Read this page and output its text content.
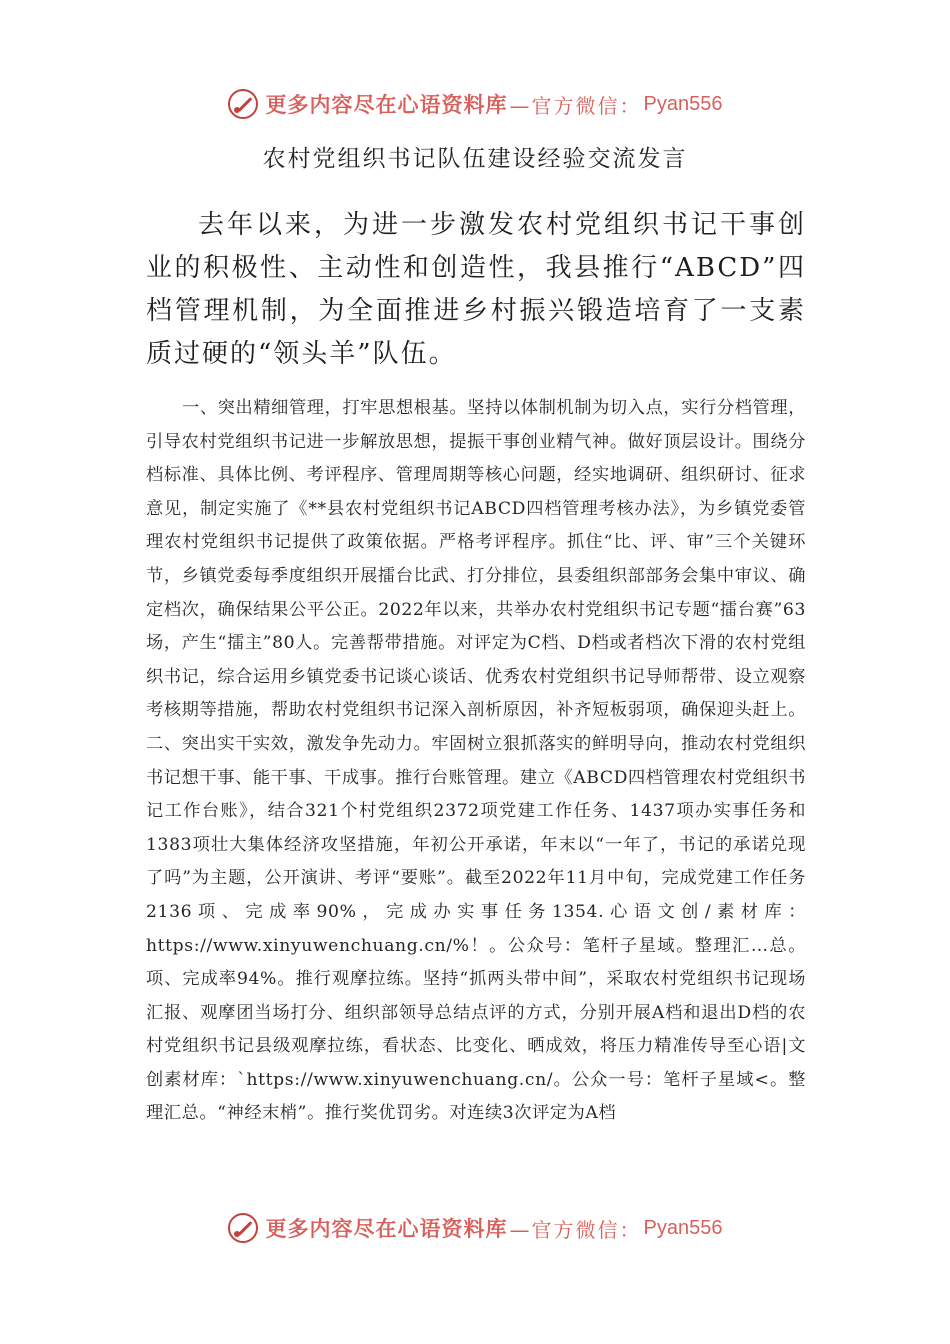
更多内容尽在心语资料库 —官方微信： Pyan556
农村党组织书记队伍建设经验交流发言

去年以来，为进一步激发农村党组织书记干事创业的积极性、主动性和创造性，我县推行“ABCD”四档管理机制，为全面推进乡村振兴锻造培育了一支素质过硬的“领头羊”队伍。

一、突出精细管理，打牢思想根基。坚持以体制机制为切入点，实行分档管理，引导农村党组织书记进一步解放思想，提振干事创业精气神。做好顶层设计。围绕分档标准、具体比例、考评程序、管理周期等核心问题，经实地调研、组织研讨、征求意见，制定实施了《**县农村党组织书记ABCD四档管理考核办法》，为乡镇党委管理农村党组织书记提供了政策依据。严格考评程序。抓住“比、评、审”三个关键环节，乡镇党委每季度组织开展擂台比武、打分排位，县委组织部部务会集中审议、确定档次，确保结果公平公正。2022年以来，共举办农村党组织书记专题“擂台赛”63场，产生“擂主”80人。完善帮带措施。对评定为C档、D档或者档次下滑的农村党组织书记，综合运用乡镇党委书记谈心谈话、优秀农村党组织书记导师帮带、设立观察考核期等措施，帮助农村党组织书记深入剖析原因，补齐短板弱项，确保迎头赶上。二、突出实干实效，激发争先动力。牢固树立狠抓落实的鲜明导向，推动农村党组织书记想干事、能干事、干成事。推行台账管理。建立《ABCD四档管理农村党组织书记工作台账》，结合321个村党组织2372项党建工作任务、1437项办实事任务和1383项壮大集体经济攻坚措施，年初公开承诺，年末以“一年了，书记的承诺兑现了吗”为主题，公开演讲、考评“要账”。截至2022年11月中旬，完成党建工作任务2136项、完成率90%，完成办实事任务1354.心语文创/素材库：https://www.xinyuwenchuang.cn/%！。公众号：笔杆子星域。整理汇…总。项、完成率94%。推行观摩拉练。坚持“抓两头带中间”，采取农村党组织书记现场汇报、观摩团当场打分、组织部领导总结点评的方式，分别开展A档和退出D档的农村党组织书记县级观摩拉练，看状态、比变化、晒成效，将压力精准传导至心语|文创素材库：`https://www.xinyuwenchuang.cn/。公众一号：笔杆子星域<。整理汇总。“神经末梢”。推行奖优罚劣。对连续3次评定为A档

更多内容尽在心语资料库 —官方微信： Pyan556
